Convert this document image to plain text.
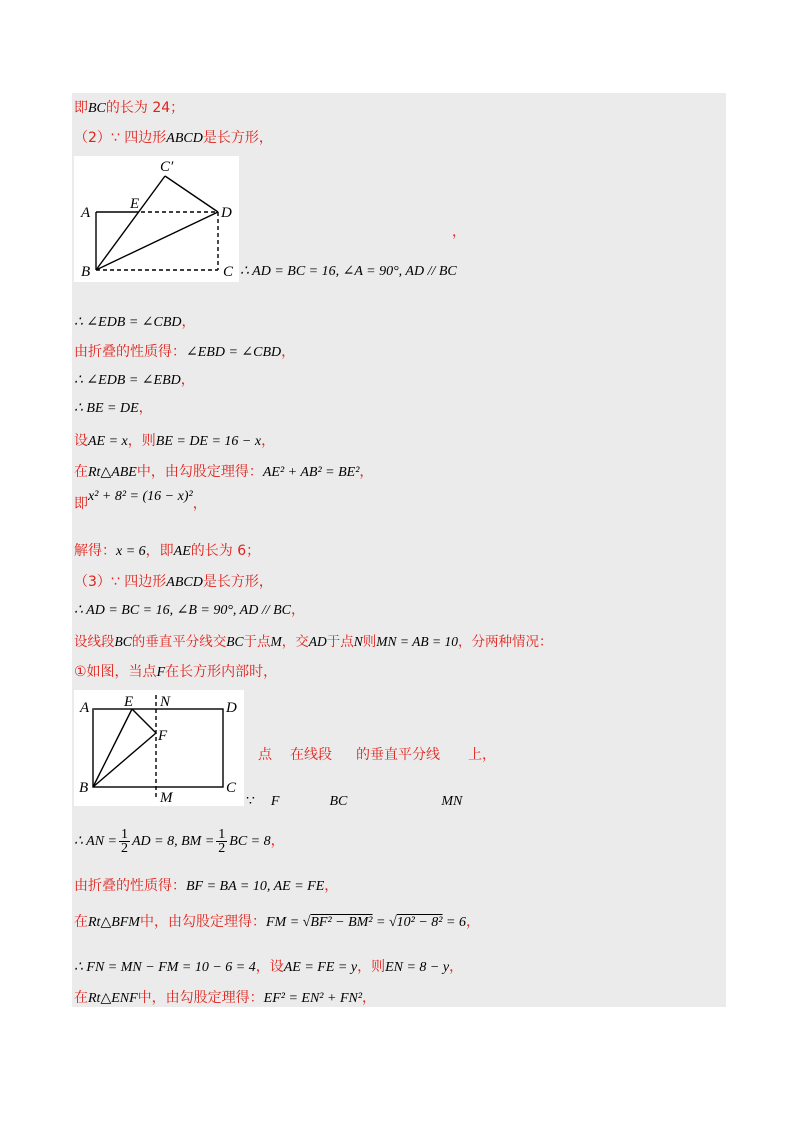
即BC的长为 24；
（2）∵ 四边形ABCD是长方形，
C′
A
E
D
B	C
，
∴ AD = BC = 16, ∠A = 90°, AD // BC
∴ ∠EDB = ∠CBD，
由折叠的性质得：∠EBD = ∠CBD，
∴ ∠EDB = ∠EBD，
∴ BE = DE，
设AE = x，则BE = DE = 16 − x，
在Rt△ABE中，由勾股定理得：AE² + AB² = BE²，
即x² + 8² = (16 − x)²，
解得：x = 6，即AE的长为 6；
（3）∵ 四边形ABCD是长方形，
∴ AD = BC = 16, ∠B = 90°, AD // BC，
设线段BC的垂直平分线交BC于点M，交AD于点N则MN = AB = 10，分两种情况：
①如图，当点F在长方形内部时，
A E N	D
F
B
M
C
点 在线段 的垂直平分线 上，
∵ F	BC	MN
∴ AN = $\frac{1}{2}$ AD = 8, BM = $\frac{1}{2}$ BC = 8，
由折叠的性质得：BF = BA = 10, AE = FE，
在Rt△BFM中，由勾股定理得：FM = √BF² − BM² = √10² − 8² = 6，
∴ FN = MN − FM = 10 − 6 = 4，设AE = FE = y，则EN = 8 − y，
在Rt△ENF中，由勾股定理得：EF² = EN² + FN²，
